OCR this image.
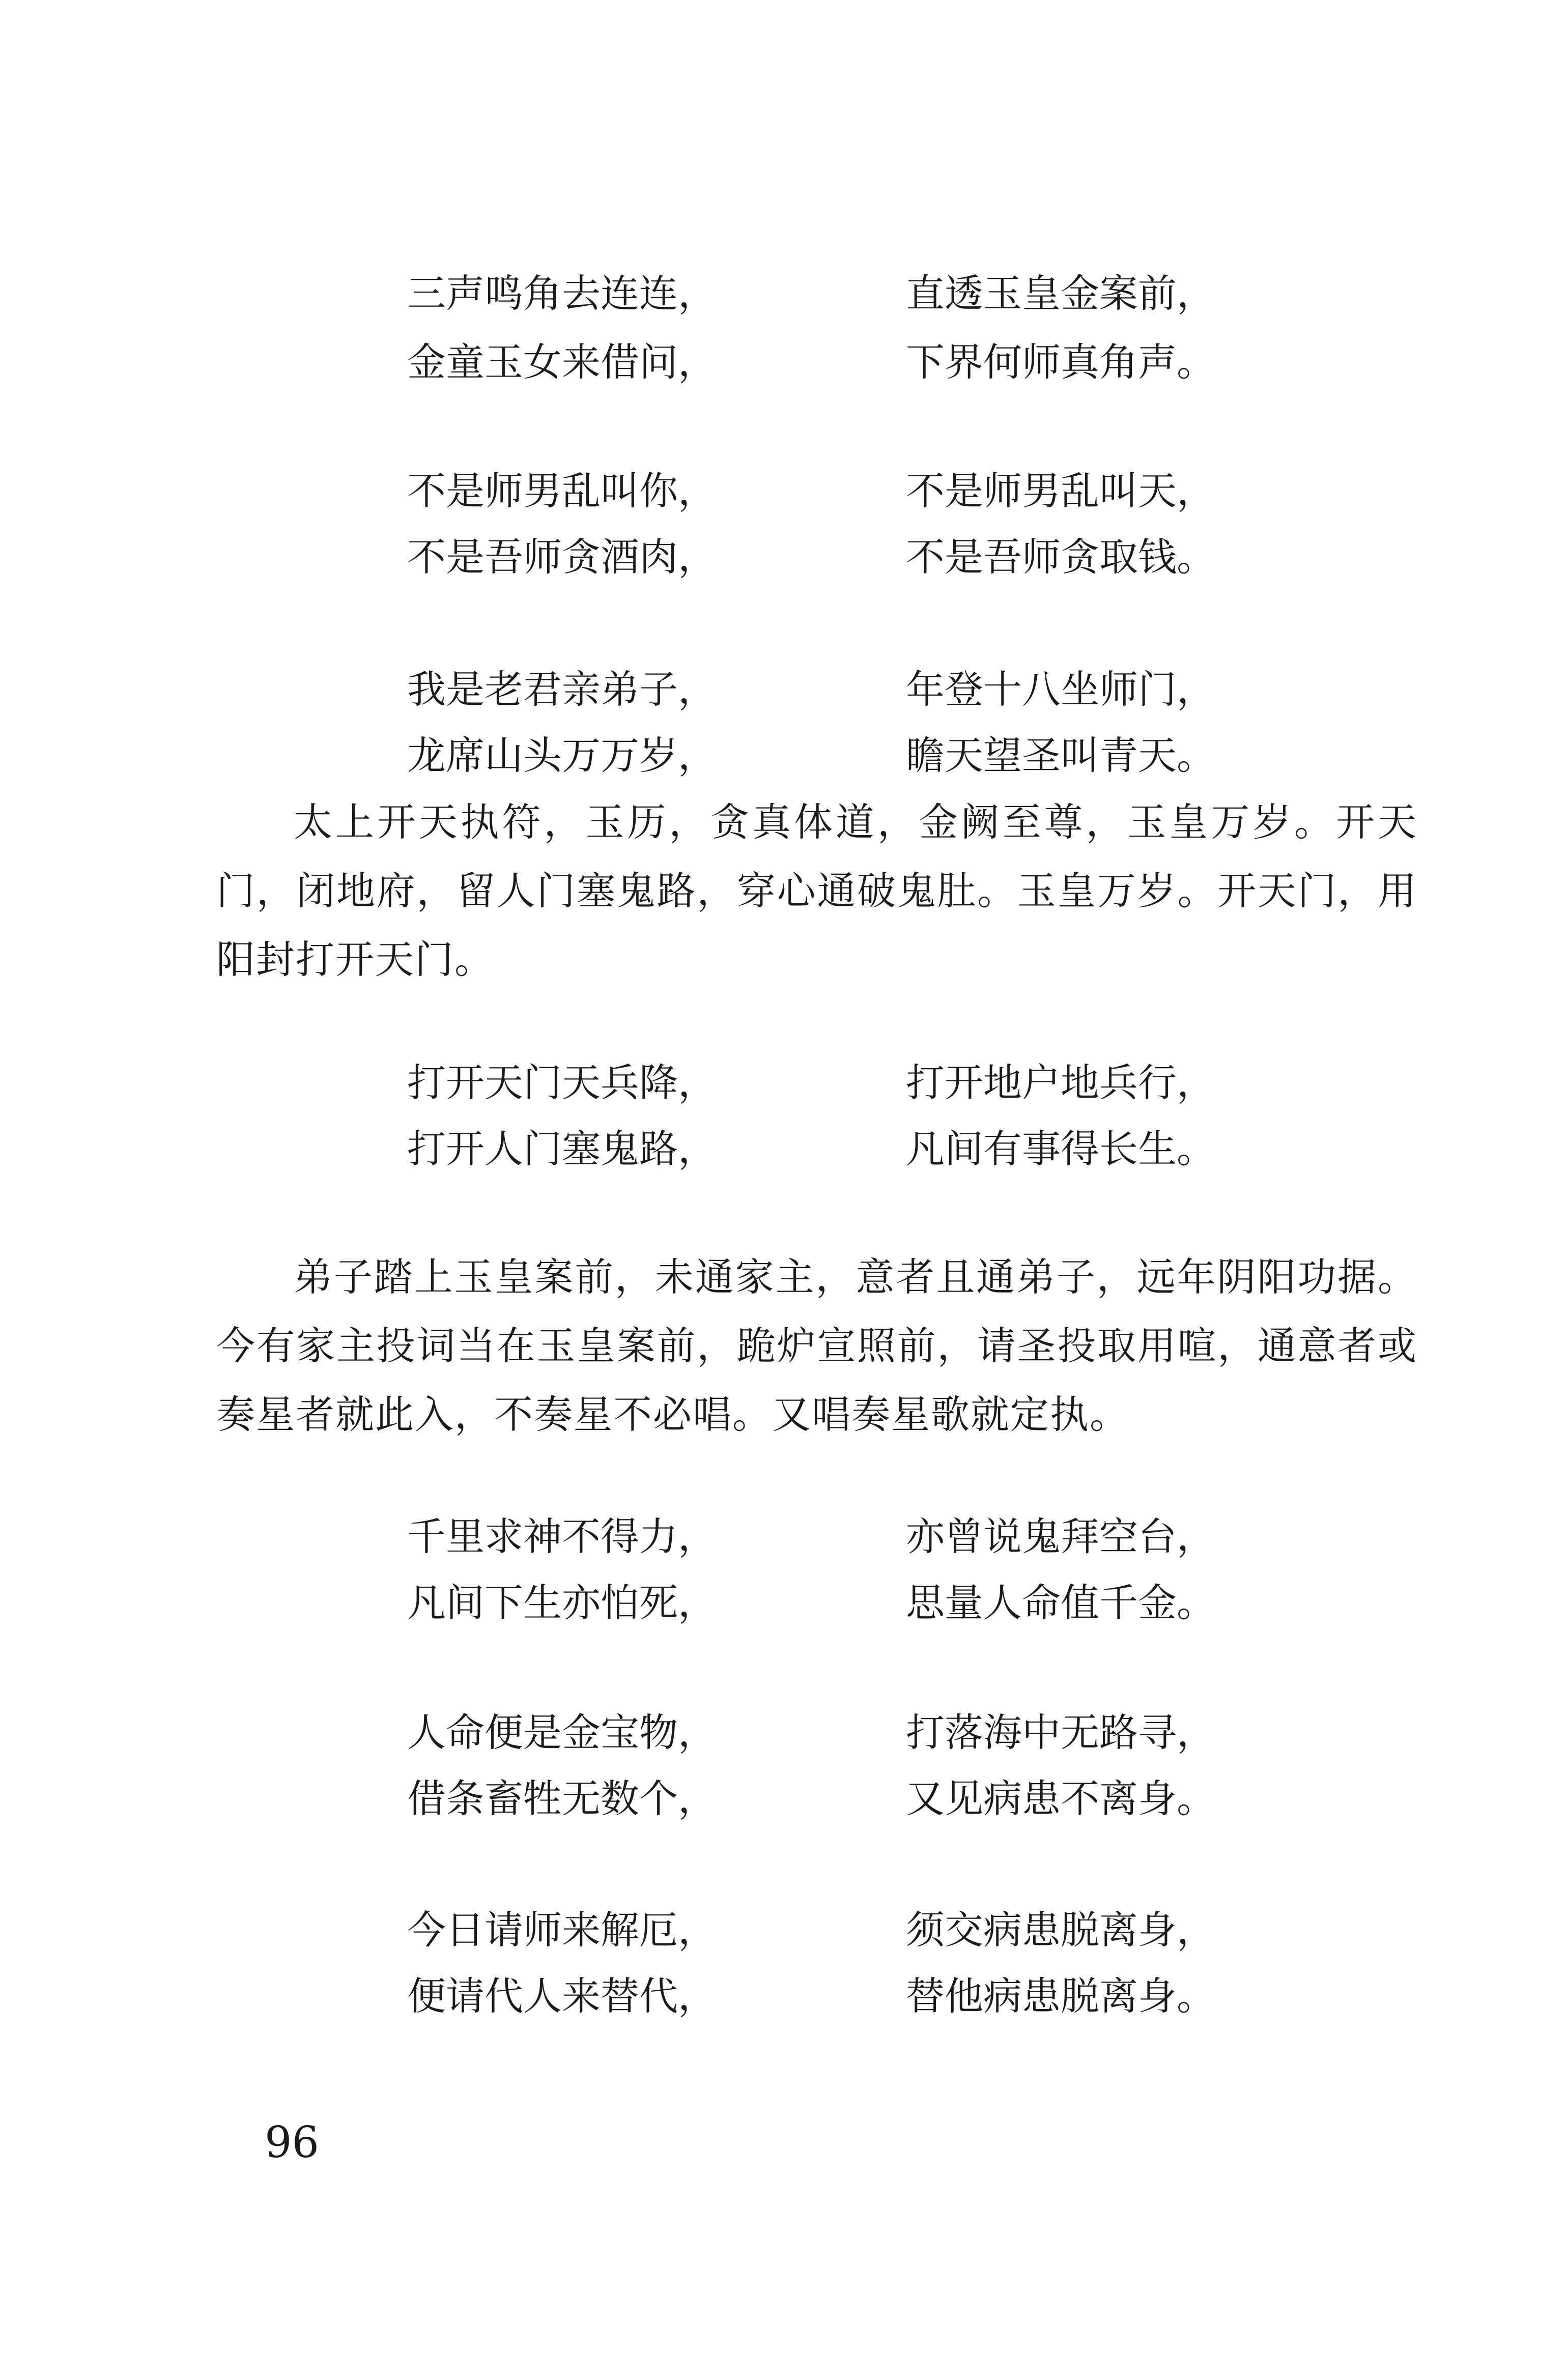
三声鸣角去连连，	直透玉皇金案前，
金童玉女来借问，	下界何师真角声。
不是师男乱叫你，	不是师男乱叫天，
不是吾师贪酒肉，	不是吾师贪取钱。
我是老君亲弟子，	年登十八坐师门，
龙席山头万万岁，	瞻天望圣叫青天。

太上开天执符，玉历，贪真体道，金阙至尊，玉皇万岁。开天门，闭地府，留人门塞鬼路，穿心通破鬼肚。玉皇万岁。开天门，用阳封打开天门。

打开天门天兵降，	打开地户地兵行，
打开人门塞鬼路，	凡间有事得长生。

弟子踏上玉皇案前，未通家主，意者且通弟子，远年阴阳功据。今有家主投词当在玉皇案前，跪炉宣照前，请圣投取用喧，通意者或奏星者就此入，不奏星不必唱。又唱奏星歌就定执。

千里求神不得力，	亦曾说鬼拜空台，
凡间下生亦怕死，	思量人命值千金。
人命便是金宝物，	打落海中无路寻，
借条畜牲无数个，	又见病患不离身。
今日请师来解厄，	须交病患脱离身，
便请代人来替代，	替他病患脱离身。
96
